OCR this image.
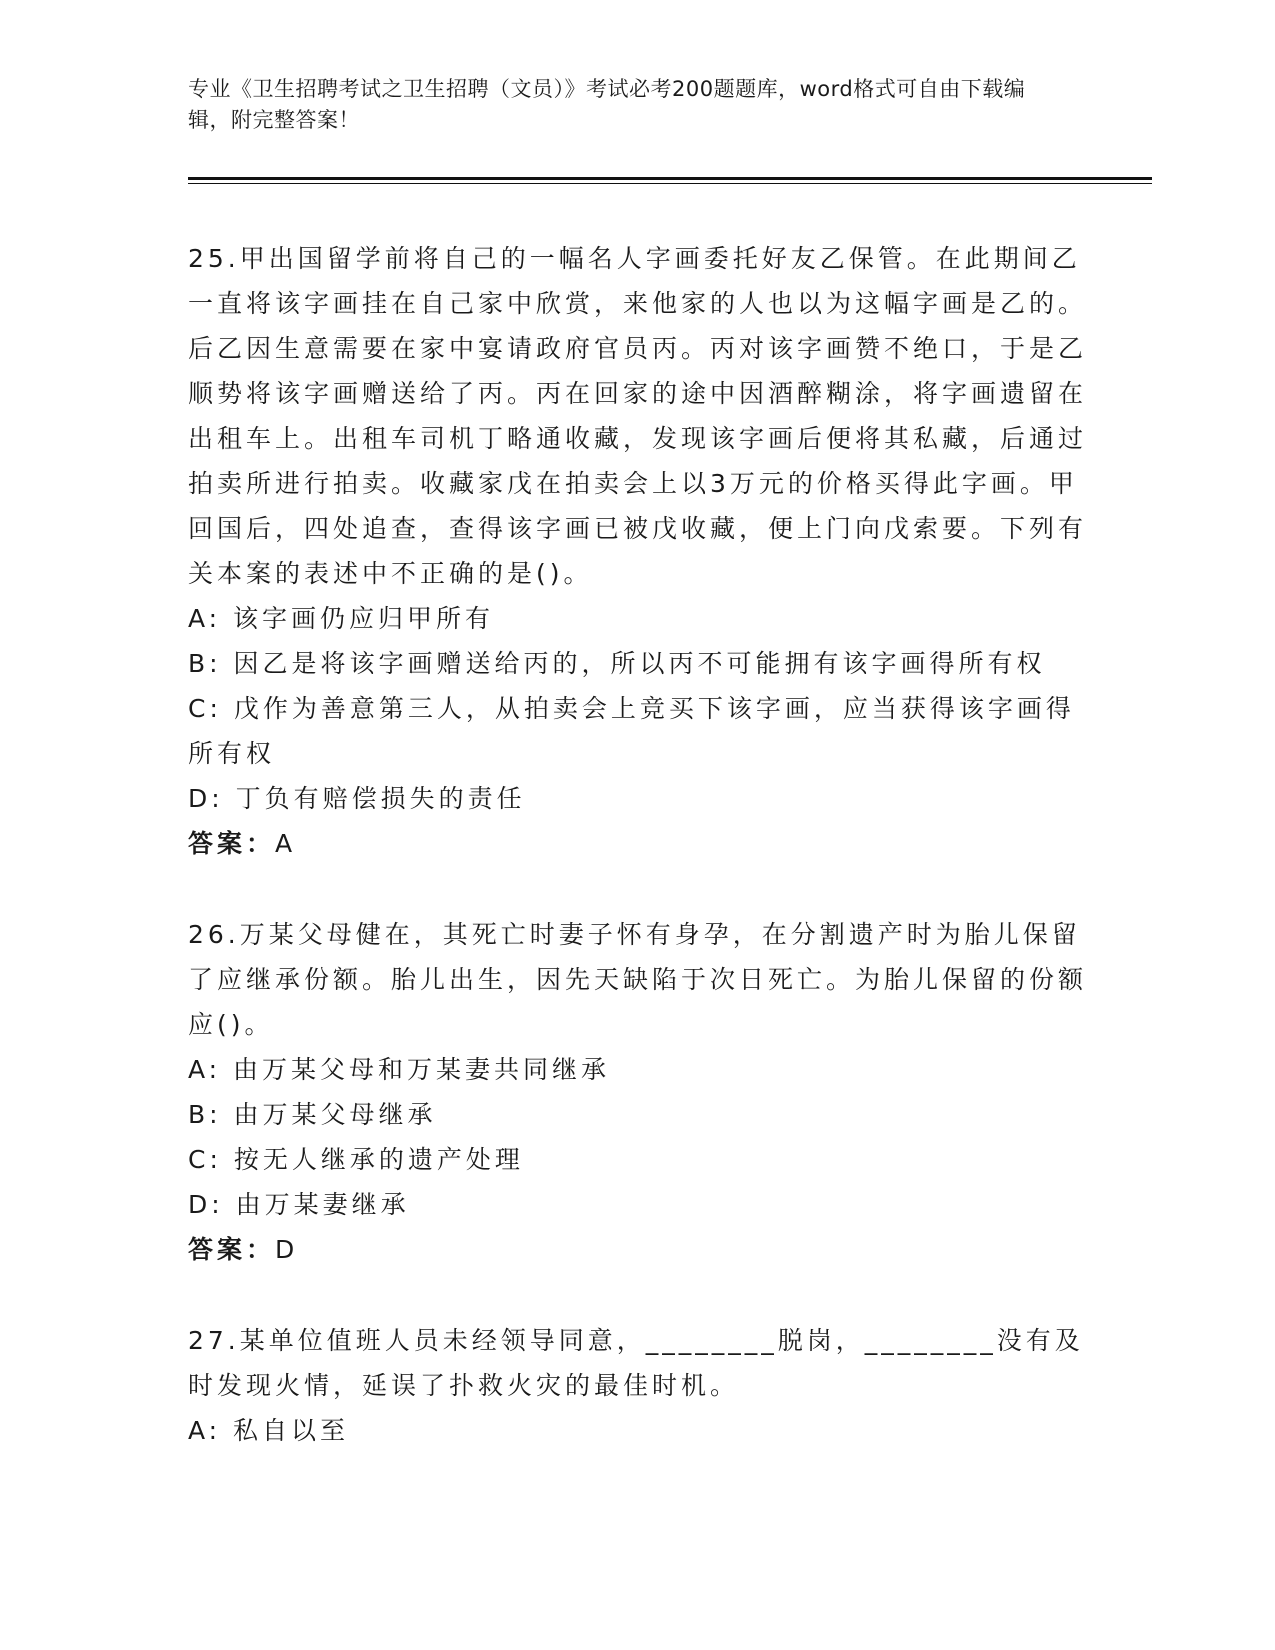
专业《卫生招聘考试之卫生招聘（文员）》考试必考200题题库，word格式可自由下载编辑，附完整答案！

25.甲出国留学前将自己的一幅名人字画委托好友乙保管。在此期间乙一直将该字画挂在自己家中欣赏，来他家的人也以为这幅字画是乙的。后乙因生意需要在家中宴请政府官员丙。丙对该字画赞不绝口，于是乙顺势将该字画赠送给了丙。丙在回家的途中因酒醉糊涂，将字画遗留在出租车上。出租车司机丁略通收藏，发现该字画后便将其私藏，后通过拍卖所进行拍卖。收藏家戊在拍卖会上以3万元的价格买得此字画。甲回国后，四处追查，查得该字画已被戊收藏，便上门向戊索要。下列有关本案的表述中不正确的是()。

A: 该字画仍应归甲所有

B: 因乙是将该字画赠送给丙的，所以丙不可能拥有该字画得所有权

C: 戊作为善意第三人，从拍卖会上竞买下该字画，应当获得该字画得所有权

D: 丁负有赔偿损失的责任

答案：A

26.万某父母健在，其死亡时妻子怀有身孕，在分割遗产时为胎儿保留了应继承份额。胎儿出生，因先天缺陷于次日死亡。为胎儿保留的份额应()。

A: 由万某父母和万某妻共同继承

B: 由万某父母继承

C: 按无人继承的遗产处理

D: 由万某妻继承

答案：D

27.某单位值班人员未经领导同意，________脱岗，________没有及时发现火情，延误了扑救火灾的最佳时机。

A: 私自以至
